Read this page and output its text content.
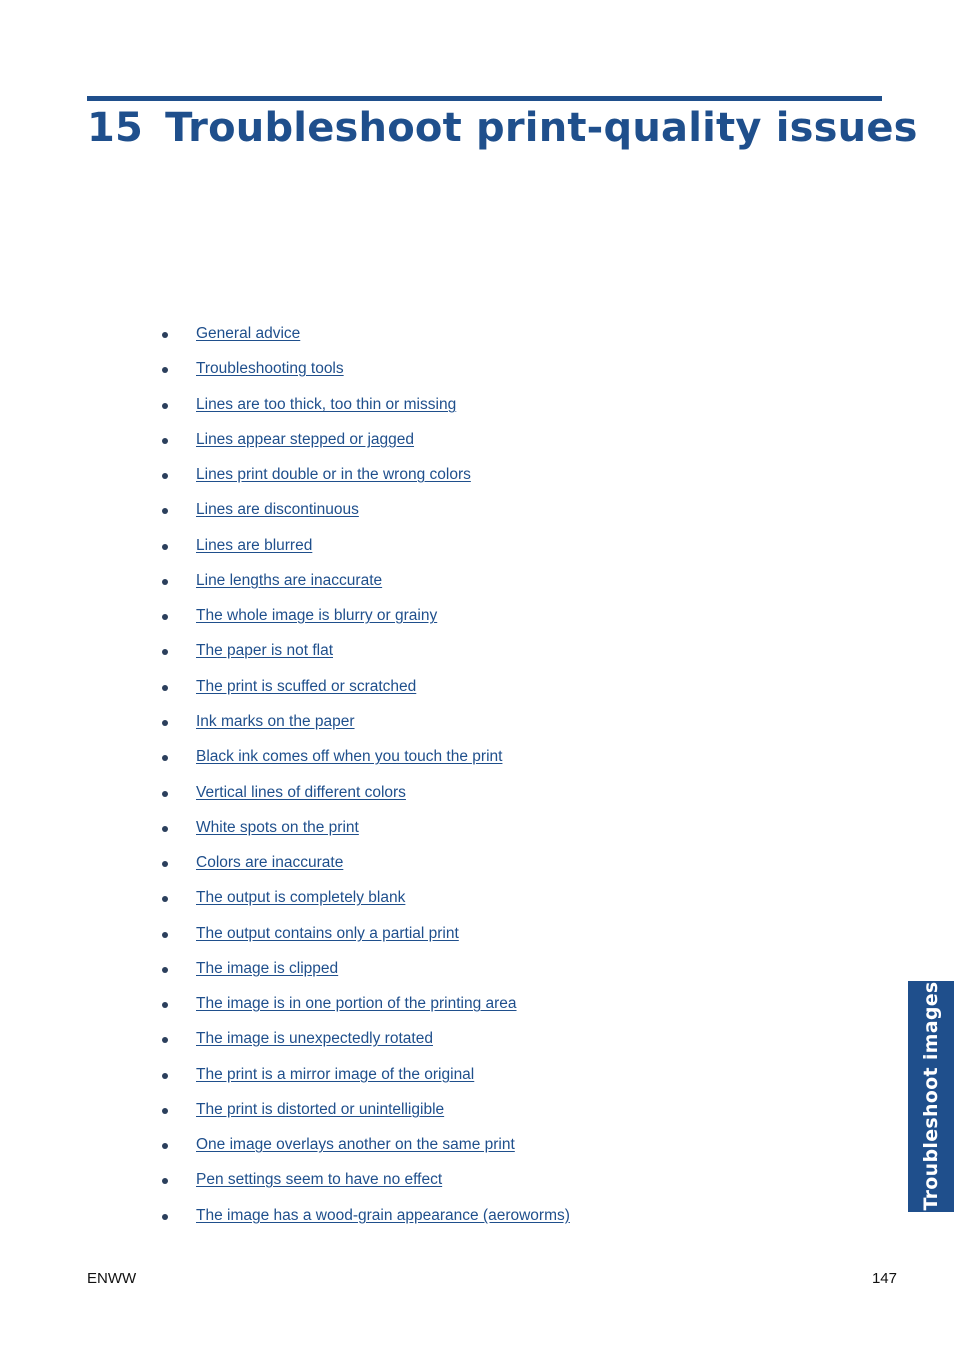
15 Troubleshoot print-quality issues
General advice
Troubleshooting tools
Lines are too thick, too thin or missing
Lines appear stepped or jagged
Lines print double or in the wrong colors
Lines are discontinuous
Lines are blurred
Line lengths are inaccurate
The whole image is blurry or grainy
The paper is not flat
The print is scuffed or scratched
Ink marks on the paper
Black ink comes off when you touch the print
Vertical lines of different colors
White spots on the print
Colors are inaccurate
The output is completely blank
The output contains only a partial print
The image is clipped
The image is in one portion of the printing area
The image is unexpectedly rotated
The print is a mirror image of the original
The print is distorted or unintelligible
One image overlays another on the same print
Pen settings seem to have no effect
The image has a wood-grain appearance (aeroworms)
Troubleshoot images
ENWW	147
